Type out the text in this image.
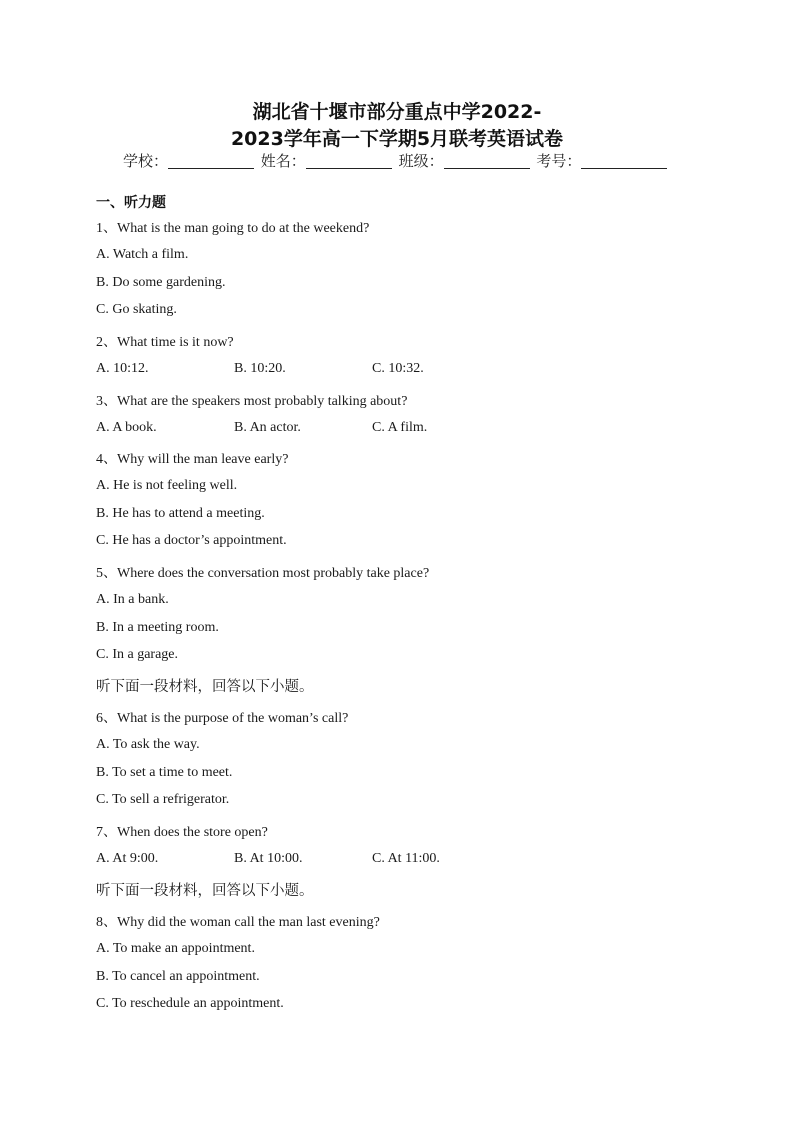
湖北省十堰市部分重点中学2022-
2023学年高一下学期5月联考英语试卷
学校：	姓名：	班级：	考号：
一、听力题
1、What is the man going to do at the weekend?
A. Watch a film.
B. Do some gardening.
C. Go skating.
2、What time is it now?
A. 10:12.	B. 10:20.	C. 10:32.
3、What are the speakers most probably talking about?
A. A book.	B. An actor.	C. A film.
4、Why will the man leave early?
A. He is not feeling well.
B. He has to attend a meeting.
C. He has a doctor’s appointment.
5、Where does the conversation most probably take place?
A. In a bank.
B. In a meeting room.
C. In a garage.
听下面一段材料，回答以下小题。
6、What is the purpose of the woman’s call?
A. To ask the way.
B. To set a time to meet.
C. To sell a refrigerator.
7、When does the store open?
A. At 9:00.	B. At 10:00.	C. At 11:00.
听下面一段材料，回答以下小题。
8、Why did the woman call the man last evening?
A. To make an appointment.
B. To cancel an appointment.
C. To reschedule an appointment.
